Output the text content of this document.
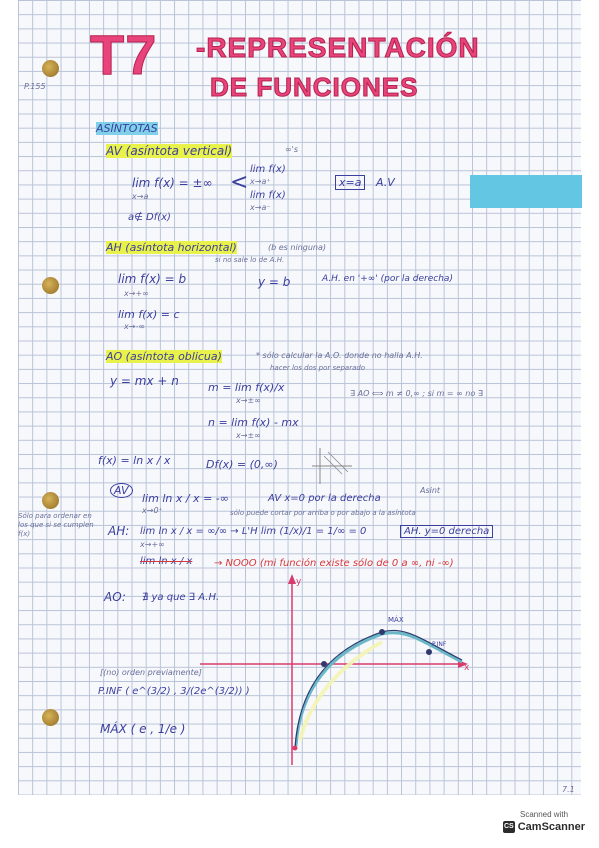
T7 -REPRESENTACIÓN
DE FUNCIONES
P.155
ASÍNTOTAS
AV (asíntota vertical)	∞'s
lim f(x) = ±∞
x→a
<
lim f(x)
x→a⁺
lim f(x)
x→a⁻
x=a	A.V
a∉ Df(x)
AH (asíntota horizontal)	(b es ninguna)
si no sale lo de A.H.
lim f(x) = b
x→+∞
y = b	A.H. en '+∞' (por la derecha)
lim f(x) = c
x→-∞
AO (asíntota oblicua)	* sólo calcular la A.O. donde no halla A.H.
hacer los dos por separado
y = mx + n	m = lim f(x)/x
x→±∞
∃ AO ⟺ m ≠ 0,∞ ; si m = ∞ no ∃
n = lim f(x) - mx
x→±∞
f(x) = ln x / x	Df(x) = (0,∞)
AV
lim ln x / x = -∞
x→0⁺
AV x=0 por la derecha
Asint
Sólo para ordenar en los que si se cumplen f(x)	AH: lim ln x / x = ∞/∞ → L'H lim (1/x)/1 = 1/∞ = 0
x→+∞
sólo puede cortar por arriba o por abajo a la asíntota
AH. y=0 derecha
lim ln x / x → NOOO (mi función existe sólo de 0 a ∞, ni -∞)
AO: ∄ ya que ∃ A.H.
[(no) orden previamente]
P.INF ( e^(3/2) , 3/(2e^(3/2)) )
MÁX ( e , 1/e )
MÁX
P.INF
x
y
7.1
Scanned with
CS CamScanner
